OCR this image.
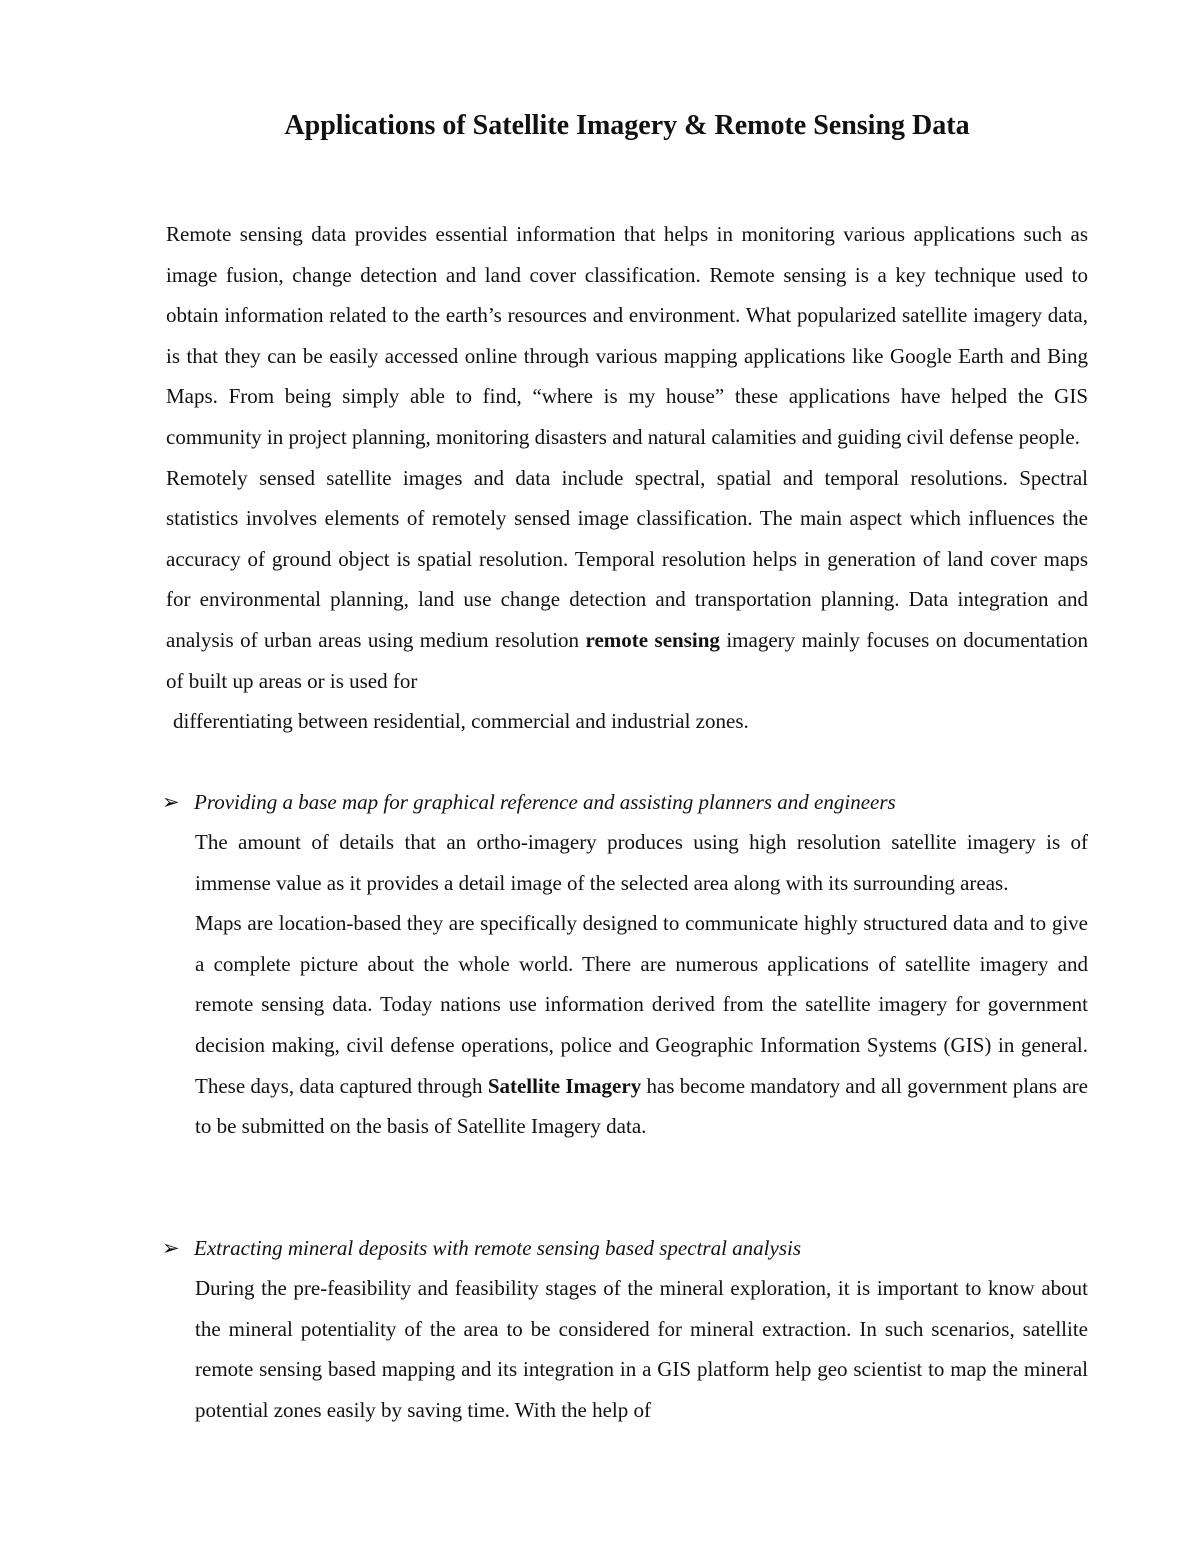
Applications of Satellite Imagery & Remote Sensing Data

Remote sensing data provides essential information that helps in monitoring various applications such as image fusion, change detection and land cover classification. Remote sensing is a key technique used to obtain information related to the earth’s resources and environment. What popularized satellite imagery data, is that they can be easily accessed online through various mapping applications like Google Earth and Bing Maps. From being simply able to find, “where is my house” these applications have helped the GIS community in project planning, monitoring disasters and natural calamities and guiding civil defense people.

Remotely sensed satellite images and data include spectral, spatial and temporal resolutions. Spectral statistics involves elements of remotely sensed image classification. The main aspect which influences the accuracy of ground object is spatial resolution. Temporal resolution helps in generation of land cover maps for environmental planning, land use change detection and transportation planning. Data integration and analysis of urban areas using medium resolution remote sensing imagery mainly focuses on documentation of built up areas or is used for

differentiating between residential, commercial and industrial zones.

➢ Providing a base map for graphical reference and assisting planners and engineers

The amount of details that an ortho-imagery produces using high resolution satellite imagery is of immense value as it provides a detail image of the selected area along with its surrounding areas.

Maps are location-based they are specifically designed to communicate highly structured data and to give a complete picture about the whole world. There are numerous applications of satellite imagery and remote sensing data. Today nations use information derived from the satellite imagery for government decision making, civil defense operations, police and Geographic Information Systems (GIS) in general. These days, data captured through Satellite Imagery has become mandatory and all government plans are to be submitted on the basis of Satellite Imagery data.

➢ Extracting mineral deposits with remote sensing based spectral analysis

During the pre-feasibility and feasibility stages of the mineral exploration, it is important to know about the mineral potentiality of the area to be considered for mineral extraction. In such scenarios, satellite remote sensing based mapping and its integration in a GIS platform help geo scientist to map the mineral potential zones easily by saving time. With the help of
